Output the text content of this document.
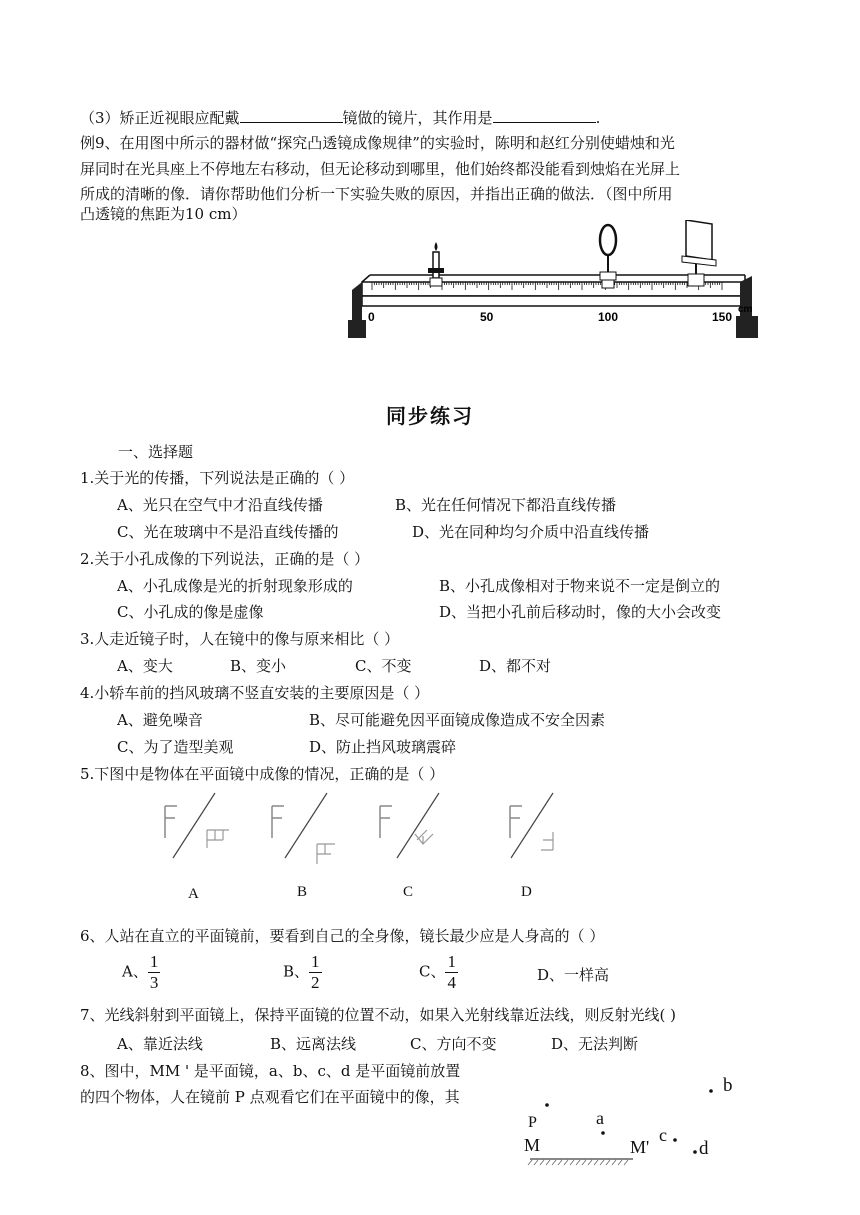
（3）矫正近视眼应配戴	镜做的镜片，其作用是	.
例9、在用图中所示的器材做“探究凸透镜成像规律”的实验时，陈明和赵红分别使蜡烛和光
屏同时在光具座上不停地左右移动，但无论移动到哪里，他们始终都没能看到烛焰在光屏上
所成的清晰的像．请你帮助他们分析一下实验失败的原因，并指出正确的做法．（图中所用
凸透镜的焦距为10 cm）
0	50	100	150
cm
同步练习
一、选择题
1.关于光的传播，下列说法是正确的（ ）
A、光只在空气中才沿直线传播	B、光在任何情况下都沿直线传播
C、光在玻璃中不是沿直线传播的	D、光在同种均匀介质中沿直线传播
2.关于小孔成像的下列说法，正确的是（ ）
A、小孔成像是光的折射现象形成的	B、小孔成像相对于物来说不一定是倒立的
C、小孔成的像是虚像	D、当把小孔前后移动时，像的大小会改变
3.人走近镜子时，人在镜中的像与原来相比（ ）
A、变大	B、变小	C、不变	D、都不对
4.小轿车前的挡风玻璃不竖直安装的主要原因是（ ）
A、避免噪音	B、尽可能避免因平面镜成像造成不安全因素
C、为了造型美观	D、防止挡风玻璃震碎
5.下图中是物体在平面镜中成像的情况，正确的是（ ）
A	B	C	D
6、人站在直立的平面镜前，要看到自己的全身像，镜长最少应是人身高的（ ）
A、 $\frac{1}{3}$	B、 $\frac{1}{2}$	C、 $\frac{1}{4}$	D、一样高
7、光线斜射到平面镜上，保持平面镜的位置不动，如果入光射线靠近法线，则反射光线( )
A、靠近法线	B、远离法线	C、方向不变	D、无法判断
8、图中，MM ' 是平面镜，a、b、c、d 是平面镜前放置
的四个物体，人在镜前 P 点观看它们在平面镜中的像，其
P	a
b
c
d
M	M'
